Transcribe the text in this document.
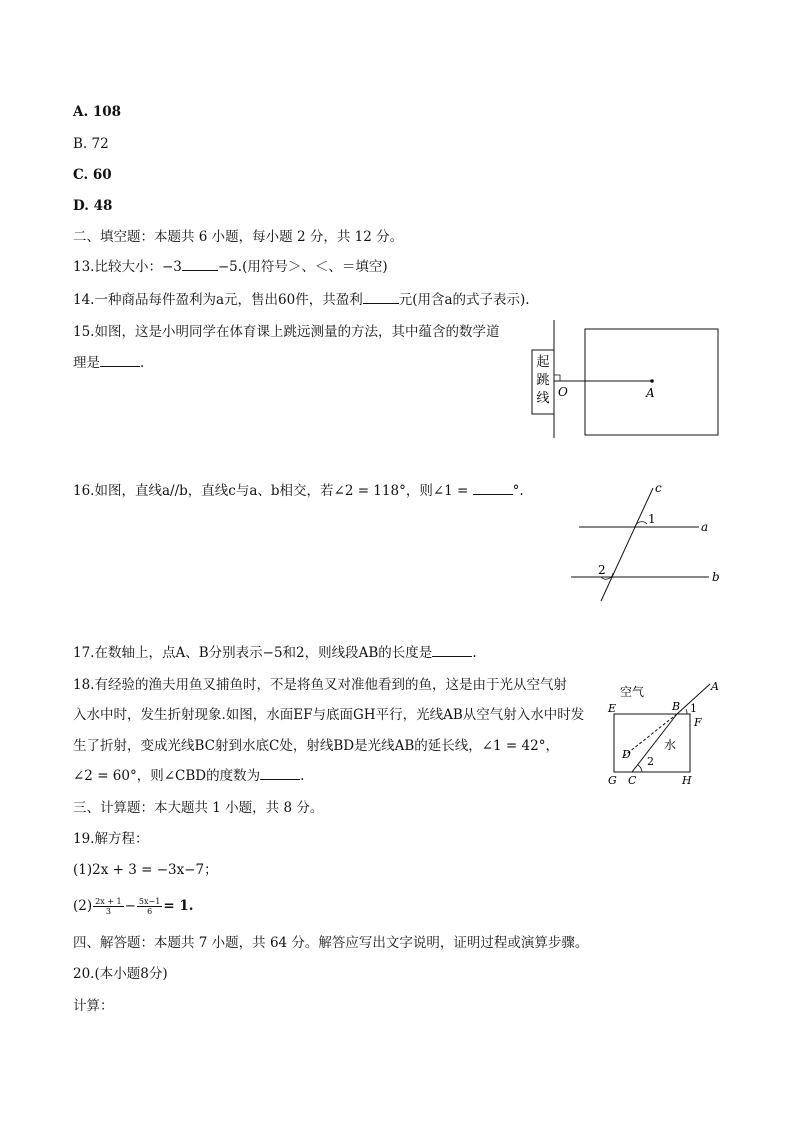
A. 108
B. 72
C. 60
D. 48
二、填空题：本题共 6 小题，每小题 2 分，共 12 分。
13.比较大小：−3	−5.(用符号＞、＜、＝填空)
14.一种商品每件盈利为a元，售出60件，共盈利	元(用含a的式子表示).
15.如图，这是小明同学在体育课上跳远测量的方法，其中蕴含的数学道
理是	.	起
跳
线 O	A
16.如图，直线a//b，直线c与a、b相交，若∠2 = 118°，则∠1 =	°.	c
a
b
1
2
17.在数轴上，点A、B分别表示−5和2，则线段AB的长度是	.
18.有经验的渔夫用鱼叉捕鱼时，不是将鱼叉对准他看到的鱼，这是由于光从空气射
入水中时，发生折射现象.如图，水面EF与底面GH平行，光线AB从空气射入水中时发
生了折射，变成光线BC射到水底C处，射线BD是光线AB的延长线，∠1 = 42°，
∠2 = 60°，则∠CBD的度数为	.
空气
水
A
B
E
F
G C	H
D
1
2
三、计算题：本大题共 1 小题，共 8 分。
19.解方程：
(1)2x + 3 = −3x−7；
$(2) \frac{2x + 1}{3} - \frac{5x-1}{6} = 1$.
四、解答题：本题共 7 小题，共 64 分。解答应写出文字说明，证明过程或演算步骤。
20.(本小题8分)
计算：
